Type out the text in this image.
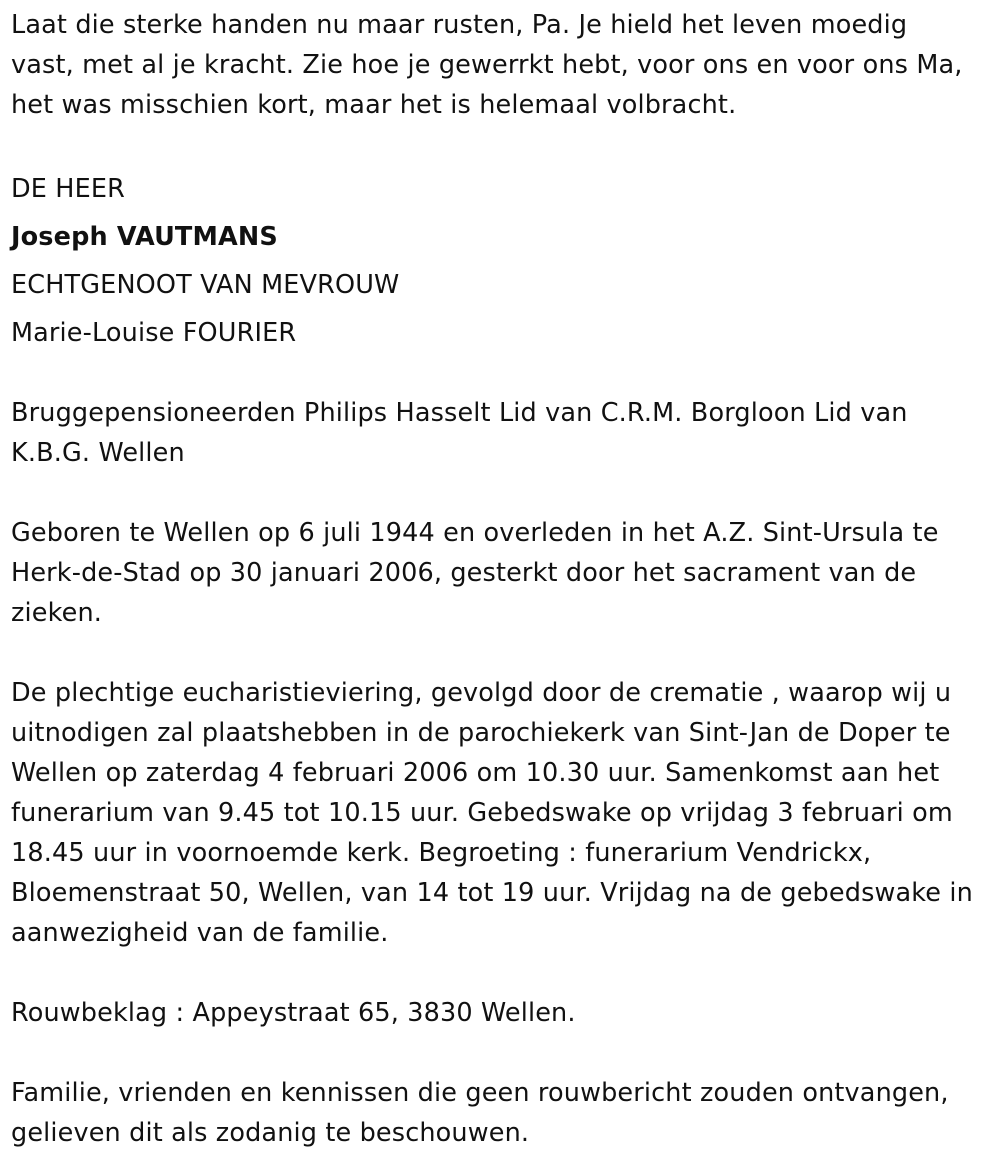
Laat die sterke handen nu maar rusten, Pa. Je hield het leven moedig

vast, met al je kracht. Zie hoe je gewerrkt hebt, voor ons en voor ons Ma,

het was misschien kort, maar het is helemaal volbracht.

DE HEER

Joseph VAUTMANS

ECHTGENOOT VAN MEVROUW

Marie-Louise FOURIER

Bruggepensioneerden Philips Hasselt Lid van C.R.M. Borgloon Lid van

K.B.G. Wellen

Geboren te Wellen op 6 juli 1944 en overleden in het A.Z. Sint-Ursula te

Herk-de-Stad op 30 januari 2006, gesterkt door het sacrament van de

zieken.

De plechtige eucharistieviering, gevolgd door de crematie , waarop wij u

uitnodigen zal plaatshebben in de parochiekerk van Sint-Jan de Doper te

Wellen op zaterdag 4 februari 2006 om 10.30 uur. Samenkomst aan het

funerarium van 9.45 tot 10.15 uur. Gebedswake op vrijdag 3 februari om

18.45 uur in voornoemde kerk. Begroeting : funerarium Vendrickx,

Bloemenstraat 50, Wellen, van 14 tot 19 uur. Vrijdag na de gebedswake in

aanwezigheid van de familie.

Rouwbeklag : Appeystraat 65, 3830 Wellen.

Familie, vrienden en kennissen die geen rouwbericht zouden ontvangen,

gelieven dit als zodanig te beschouwen.
